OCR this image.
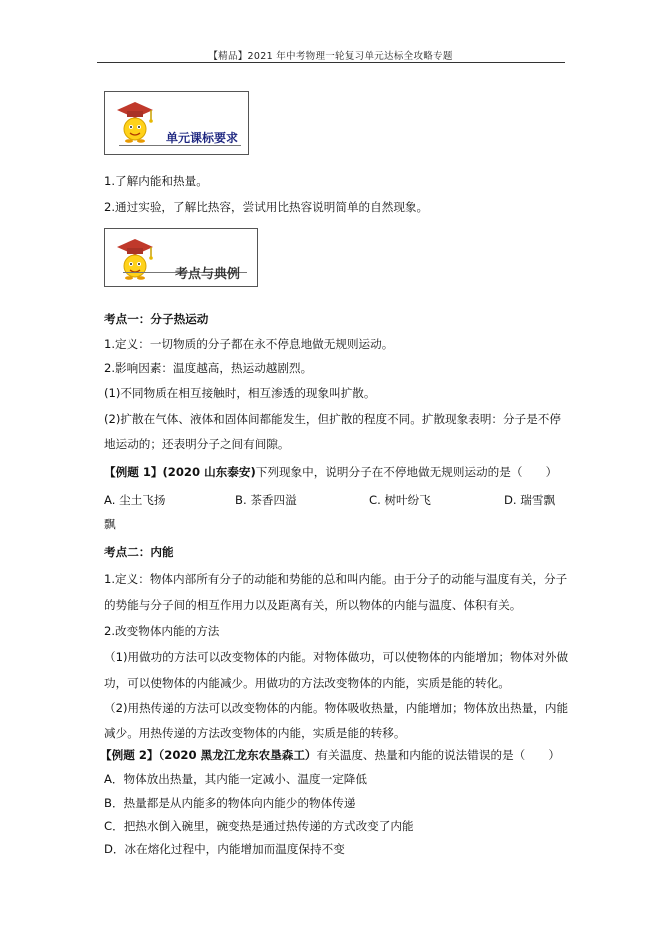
【精品】2021 年中考物理一轮复习单元达标全攻略专题
单元课标要求
1.了解内能和热量。
2.通过实验，了解比热容，尝试用比热容说明简单的自然现象。
考点与典例
考点一：分子热运动
1.定义：一切物质的分子都在永不停息地做无规则运动。
2.影响因素：温度越高，热运动越剧烈。
(1)不同物质在相互接触时，相互渗透的现象叫扩散。
(2)扩散在气体、液体和固体间都能发生，但扩散的程度不同。扩散现象表明：分子是不停
地运动的；还表明分子之间有间隙。
【例题 1】(2020 山东泰安)下列现象中，说明分子在不停地做无规则运动的是（　　）
A. 尘土飞扬	B. 茶香四溢	C. 树叶纷飞	D. 瑞雪飘
飘
考点二：内能
1.定义：物体内部所有分子的动能和势能的总和叫内能。由于分子的动能与温度有关，分子
的势能与分子间的相互作用力以及距离有关，所以物体的内能与温度、体积有关。
2.改变物体内能的方法
（1)用做功的方法可以改变物体的内能。对物体做功，可以使物体的内能增加；物体对外做
功，可以使物体的内能减少。用做功的方法改变物体的内能，实质是能的转化。
（2)用热传递的方法可以改变物体的内能。物体吸收热量，内能增加；物体放出热量，内能
减少。用热传递的方法改变物体的内能，实质是能的转移。
【例题 2】（2020 黑龙江龙东农垦森工）有关温度、热量和内能的说法错误的是（　　）
A．物体放出热量，其内能一定减小、温度一定降低
B．热量都是从内能多的物体向内能少的物体传递
C．把热水倒入碗里，碗变热是通过热传递的方式改变了内能
D．冰在熔化过程中，内能增加而温度保持不变
